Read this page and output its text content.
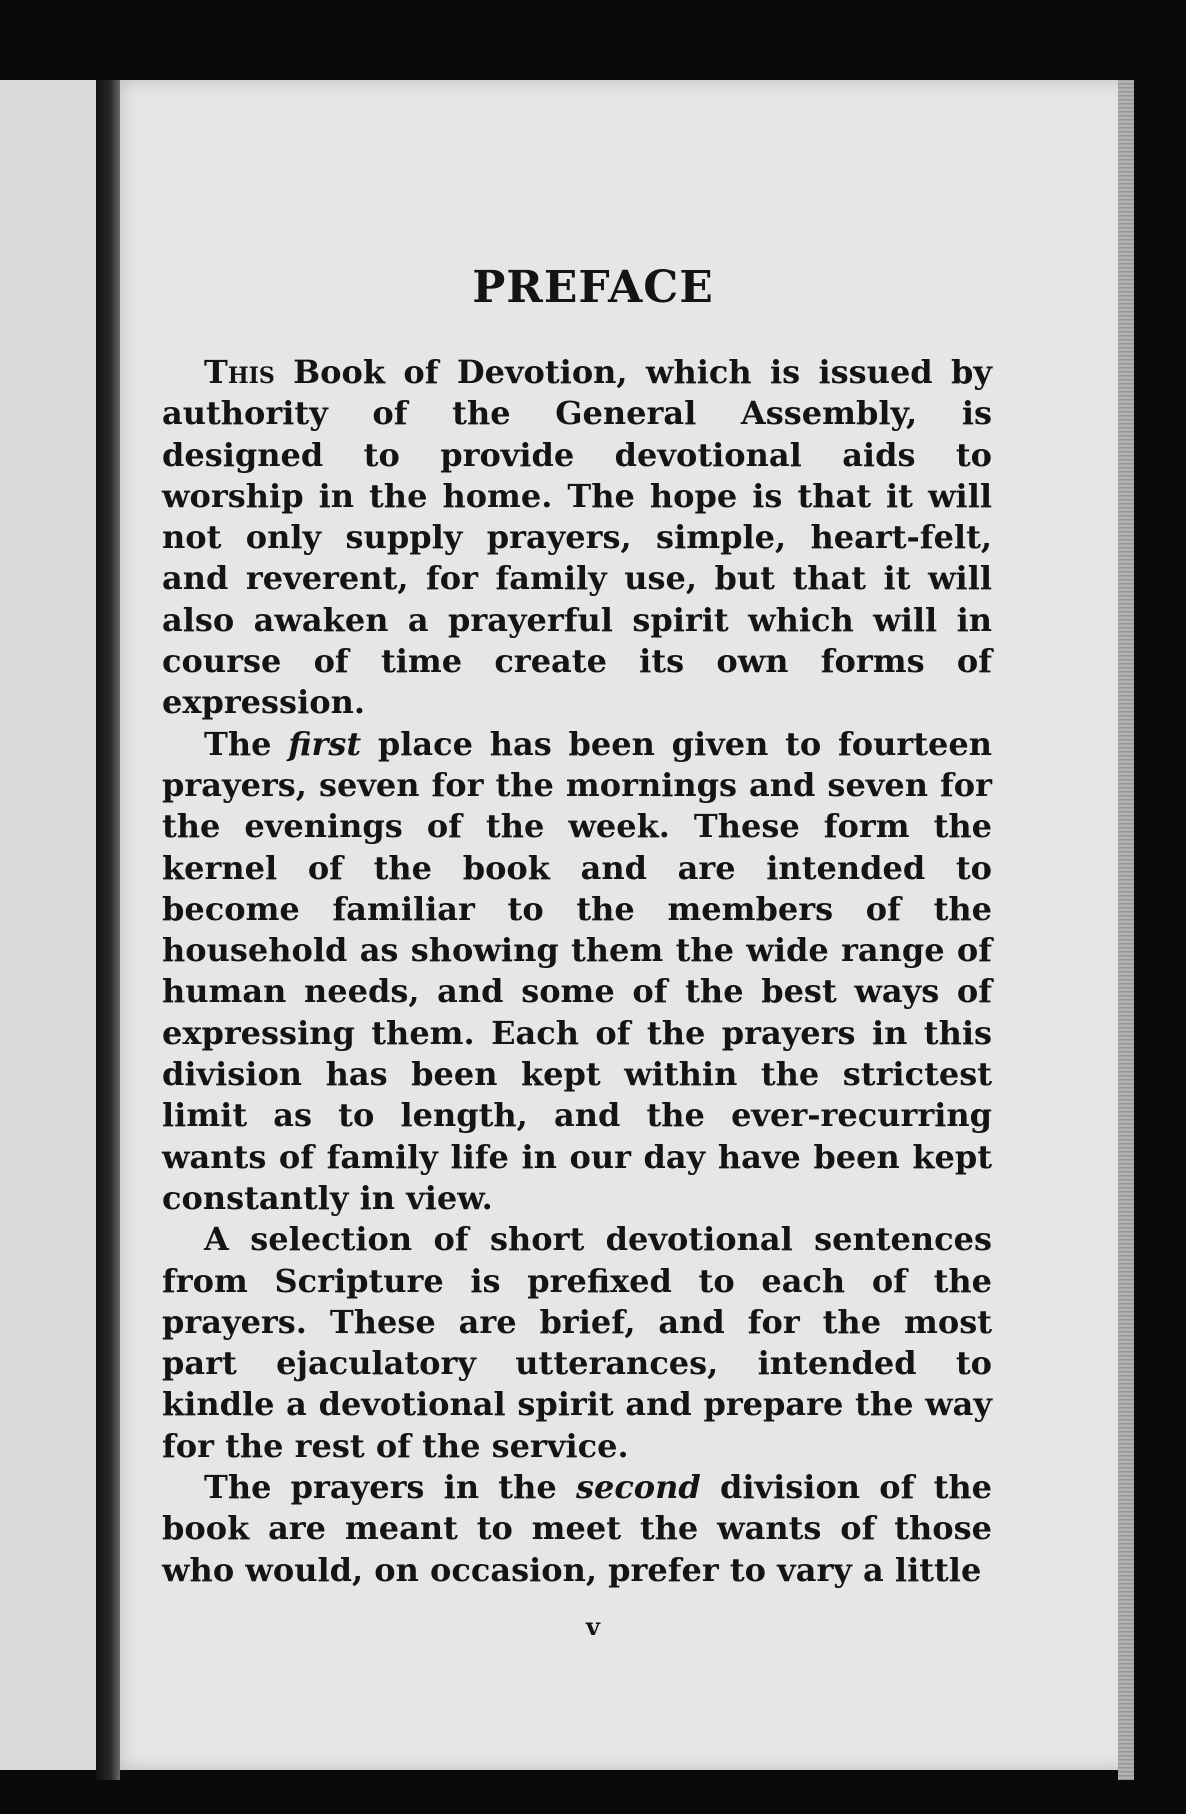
PREFACE

This Book of Devotion, which is issued by authority of the General Assembly, is designed to provide devotional aids to worship in the home. The hope is that it will not only supply prayers, simple, heart-felt, and reverent, for family use, but that it will also awaken a prayerful spirit which will in course of time create its own forms of expression.

The first place has been given to fourteen prayers, seven for the mornings and seven for the evenings of the week. These form the kernel of the book and are intended to become familiar to the members of the household as showing them the wide range of human needs, and some of the best ways of expressing them. Each of the prayers in this division has been kept within the strictest limit as to length, and the ever-recurring wants of family life in our day have been kept constantly in view.

A selection of short devotional sentences from Scripture is prefixed to each of the prayers. These are brief, and for the most part ejaculatory utterances, intended to kindle a devotional spirit and prepare the way for the rest of the service.

The prayers in the second division of the book are meant to meet the wants of those who would, on occasion, prefer to vary a little

v
